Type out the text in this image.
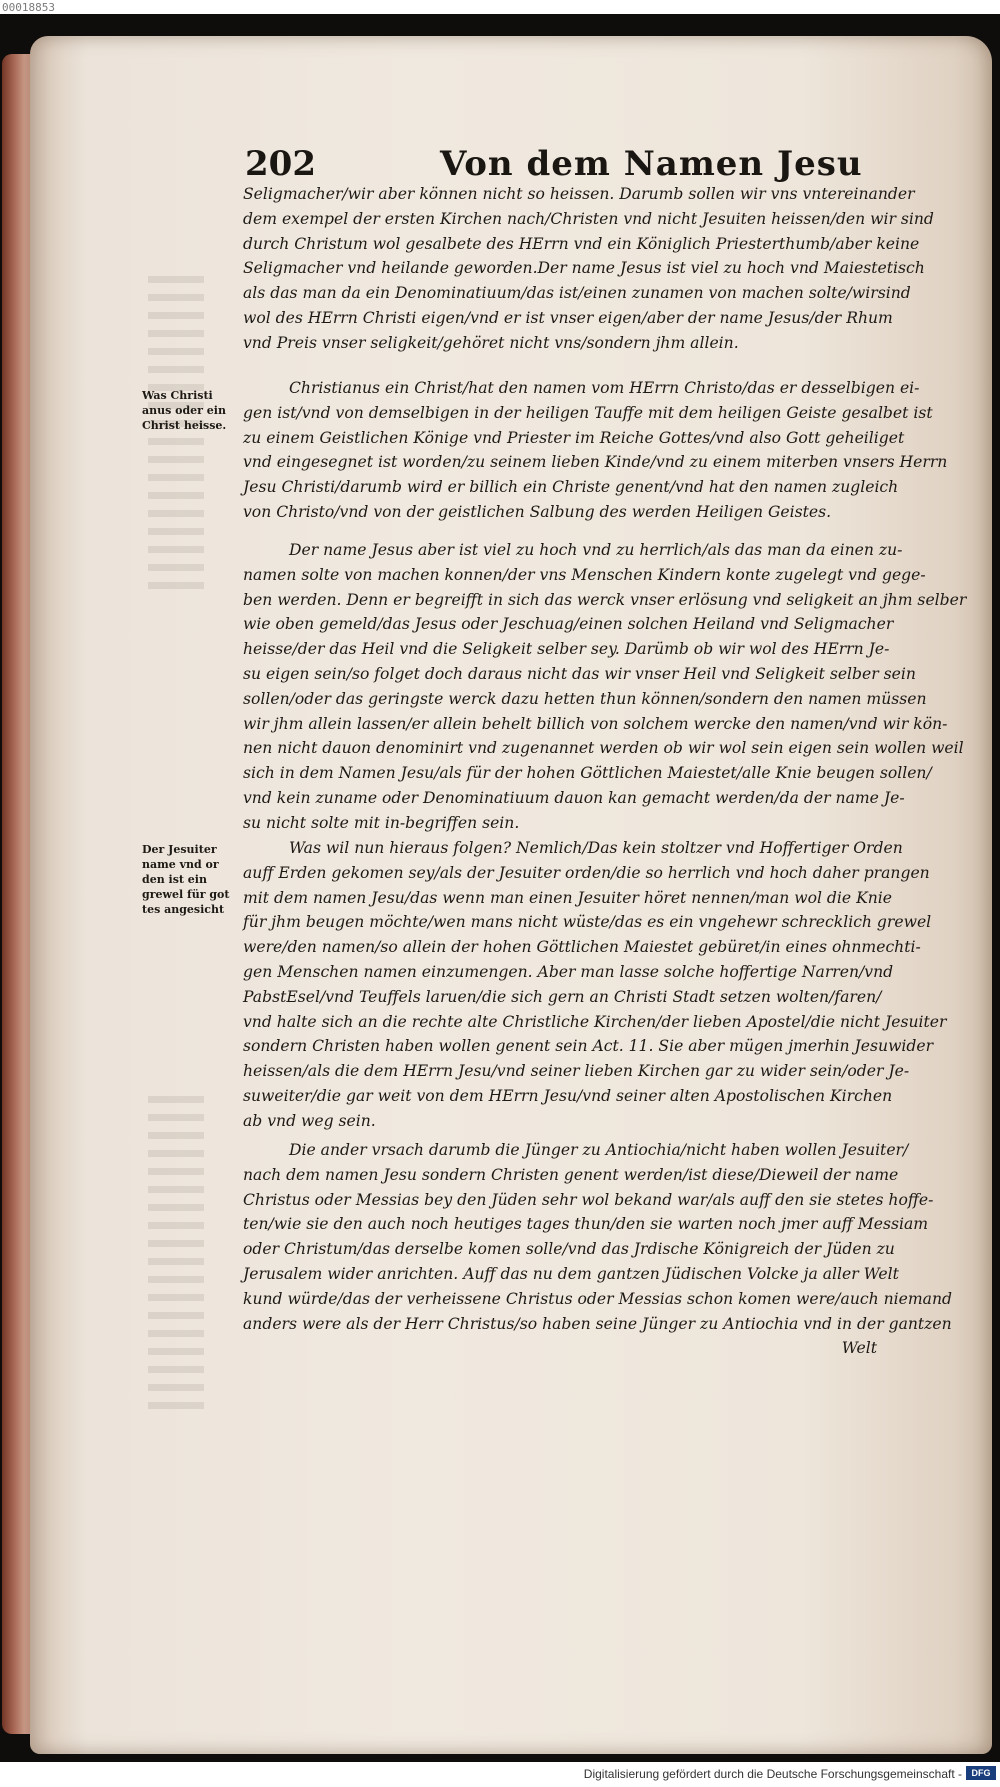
00018853
202	Von dem Namen Jesu
Seligmacher/wir aber können nicht so heissen. Darumb sollen wir vns vntereinander
dem exempel der ersten Kirchen nach/Christen vnd nicht Jesuiten heissen/den wir sind
durch Christum wol gesalbete des HErrn vnd ein Königlich Priesterthumb/aber keine
Seligmacher vnd heilande geworden.Der name Jesus ist viel zu hoch vnd Maiestetisch
als das man da ein Denominatiuum/das ist/einen zunamen von machen solte/wirsind
wol des HErrn Christi eigen/vnd er ist vnser eigen/aber der name Jesus/der Rhum
vnd Preis vnser seligkeit/gehöret nicht vns/sondern jhm allein.
Was Christi
anus oder ein
Christ heisse.
Christianus ein Christ/hat den namen vom HErrn Christo/das er desselbigen ei-
gen ist/vnd von demselbigen in der heiligen Tauffe mit dem heiligen Geiste gesalbet ist
zu einem Geistlichen Könige vnd Priester im Reiche Gottes/vnd also Gott geheiliget
vnd eingesegnet ist worden/zu seinem lieben Kinde/vnd zu einem miterben vnsers Herrn
Jesu Christi/darumb wird er billich ein Christe genent/vnd hat den namen zugleich
von Christo/vnd von der geistlichen Salbung des werden Heiligen Geistes.
Der name Jesus aber ist viel zu hoch vnd zu herrlich/als das man da einen zu-
namen solte von machen konnen/der vns Menschen Kindern konte zugelegt vnd gege-
ben werden. Denn er begreifft in sich das werck vnser erlösung vnd seligkeit an jhm selber
wie oben gemeld/das Jesus oder Jeschuag/einen solchen Heiland vnd Seligmacher
heisse/der das Heil vnd die Seligkeit selber sey. Darümb ob wir wol des HErrn Je-
su eigen sein/so folget doch daraus nicht das wir vnser Heil vnd Seligkeit selber sein
sollen/oder das geringste werck dazu hetten thun können/sondern den namen müssen
wir jhm allein lassen/er allein behelt billich von solchem wercke den namen/vnd wir kön-
nen nicht dauon denominirt vnd zugenannet werden ob wir wol sein eigen sein wollen weil
sich in dem Namen Jesu/als für der hohen Göttlichen Maiestet/alle Knie beugen sollen/
vnd kein zuname oder Denominatiuum dauon kan gemacht werden/da der name Je-
su nicht solte mit in-begriffen sein.
Der Jesuiter
name vnd or
den ist ein
grewel für got
tes angesicht
Was wil nun hieraus folgen? Nemlich/Das kein stoltzer vnd Hoffertiger Orden
auff Erden gekomen sey/als der Jesuiter orden/die so herrlich vnd hoch daher prangen
mit dem namen Jesu/das wenn man einen Jesuiter höret nennen/man wol die Knie
für jhm beugen möchte/wen mans nicht wüste/das es ein vngehewr schrecklich grewel
were/den namen/so allein der hohen Göttlichen Maiestet gebüret/in eines ohnmechti-
gen Menschen namen einzumengen. Aber man lasse solche hoffertige Narren/vnd
PabstEsel/vnd Teuffels laruen/die sich gern an Christi Stadt setzen wolten/faren/
vnd halte sich an die rechte alte Christliche Kirchen/der lieben Apostel/die nicht Jesuiter
sondern Christen haben wollen genent sein Act. 11. Sie aber mügen jmerhin Jesuwider
heissen/als die dem HErrn Jesu/vnd seiner lieben Kirchen gar zu wider sein/oder Je-
suweiter/die gar weit von dem HErrn Jesu/vnd seiner alten Apostolischen Kirchen
ab vnd weg sein.
Die ander vrsach darumb die Jünger zu Antiochia/nicht haben wollen Jesuiter/
nach dem namen Jesu sondern Christen genent werden/ist diese/Dieweil der name
Christus oder Messias bey den Jüden sehr wol bekand war/als auff den sie stetes hoffe-
ten/wie sie den auch noch heutiges tages thun/den sie warten noch jmer auff Messiam
oder Christum/das derselbe komen solle/vnd das Jrdische Königreich der Jüden zu
Jerusalem wider anrichten. Auff das nu dem gantzen Jüdischen Volcke ja aller Welt
kund würde/das der verheissene Christus oder Messias schon komen were/auch niemand
anders were als der Herr Christus/so haben seine Jünger zu Antiochia vnd in der gantzen
Welt
Digitalisierung gefördert durch die Deutsche Forschungsgemeinschaft -	DFG
